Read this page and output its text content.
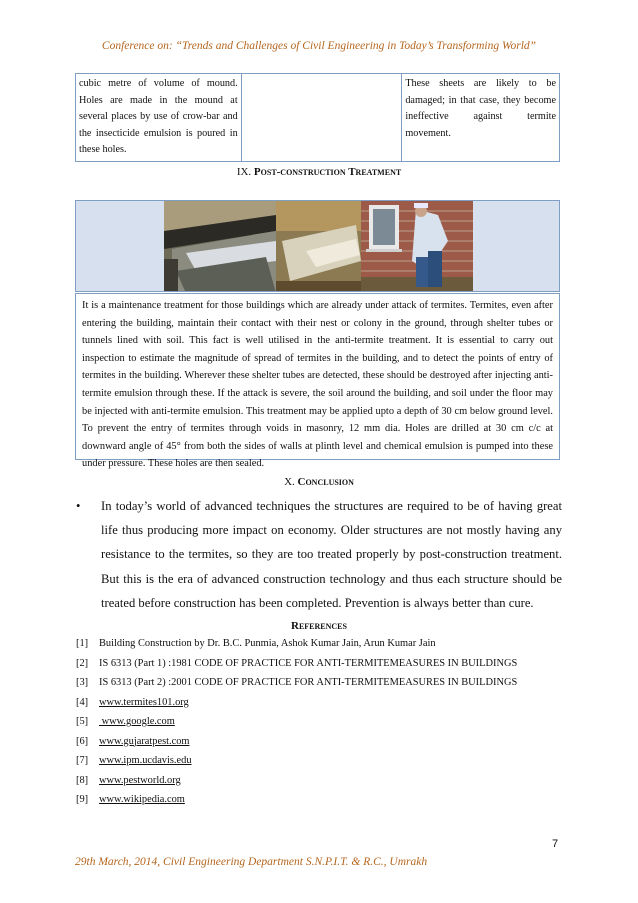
Conference on: “Trends and Challenges of Civil Engineering in Today’s Transforming World”
cubic metre of volume of mound. Holes are made in the mound at several places by use of crow-bar and the insecticide emulsion is poured in these holes.		These sheets are likely to be damaged; in that case, they become ineffective against termite movement.
IX. Post-construction Treatment
It is a maintenance treatment for those buildings which are already under attack of termites. Termites, even after entering the building, maintain their contact with their nest or colony in the ground, through shelter tubes or tunnels lined with soil. This fact is well utilised in the anti-termite treatment. It is essential to carry out inspection to estimate the magnitude of spread of termites in the building, and to detect the points of entry of termites in the building. Wherever these shelter tubes are detected, these should be destroyed after injecting anti-termite emulsion through these. If the attack is severe, the soil around the building, and soil under the floor may be injected with anti-termite emulsion. This treatment may be applied upto a depth of 30 cm below ground level. To prevent the entry of termites through voids in masonry, 12 mm dia. Holes are drilled at 30 cm c/c at downward angle of 45° from both the sides of walls at plinth level and chemical emulsion is pumped into these under pressure. These holes are then sealed.
X. Conclusion
• In today’s world of advanced techniques the structures are required to be of having great life thus producing more impact on economy. Older structures are not mostly having any resistance to the termites, so they are too treated properly by post-construction treatment. But this is the era of advanced construction technology and thus each structure should be treated before construction has been completed. Prevention is always better than cure.
References
[1] Building Construction by Dr. B.C. Punmia, Ashok Kumar Jain, Arun Kumar Jain
[2] IS 6313 (Part 1) :1981 CODE OF PRACTICE FOR ANTI-TERMITEMEASURES IN BUILDINGS
[3] IS 6313 (Part 2) :2001 CODE OF PRACTICE FOR ANTI-TERMITEMEASURES IN BUILDINGS
[4] www.termites101.org
[5] www.google.com
[6] www.gujaratpest.com
[7] www.ipm.ucdavis.edu
[8] www.pestworld.org
[9] www.wikipedia.com
7
29th March, 2014, Civil Engineering Department S.N.P.I.T. & R.C., Umrakh
